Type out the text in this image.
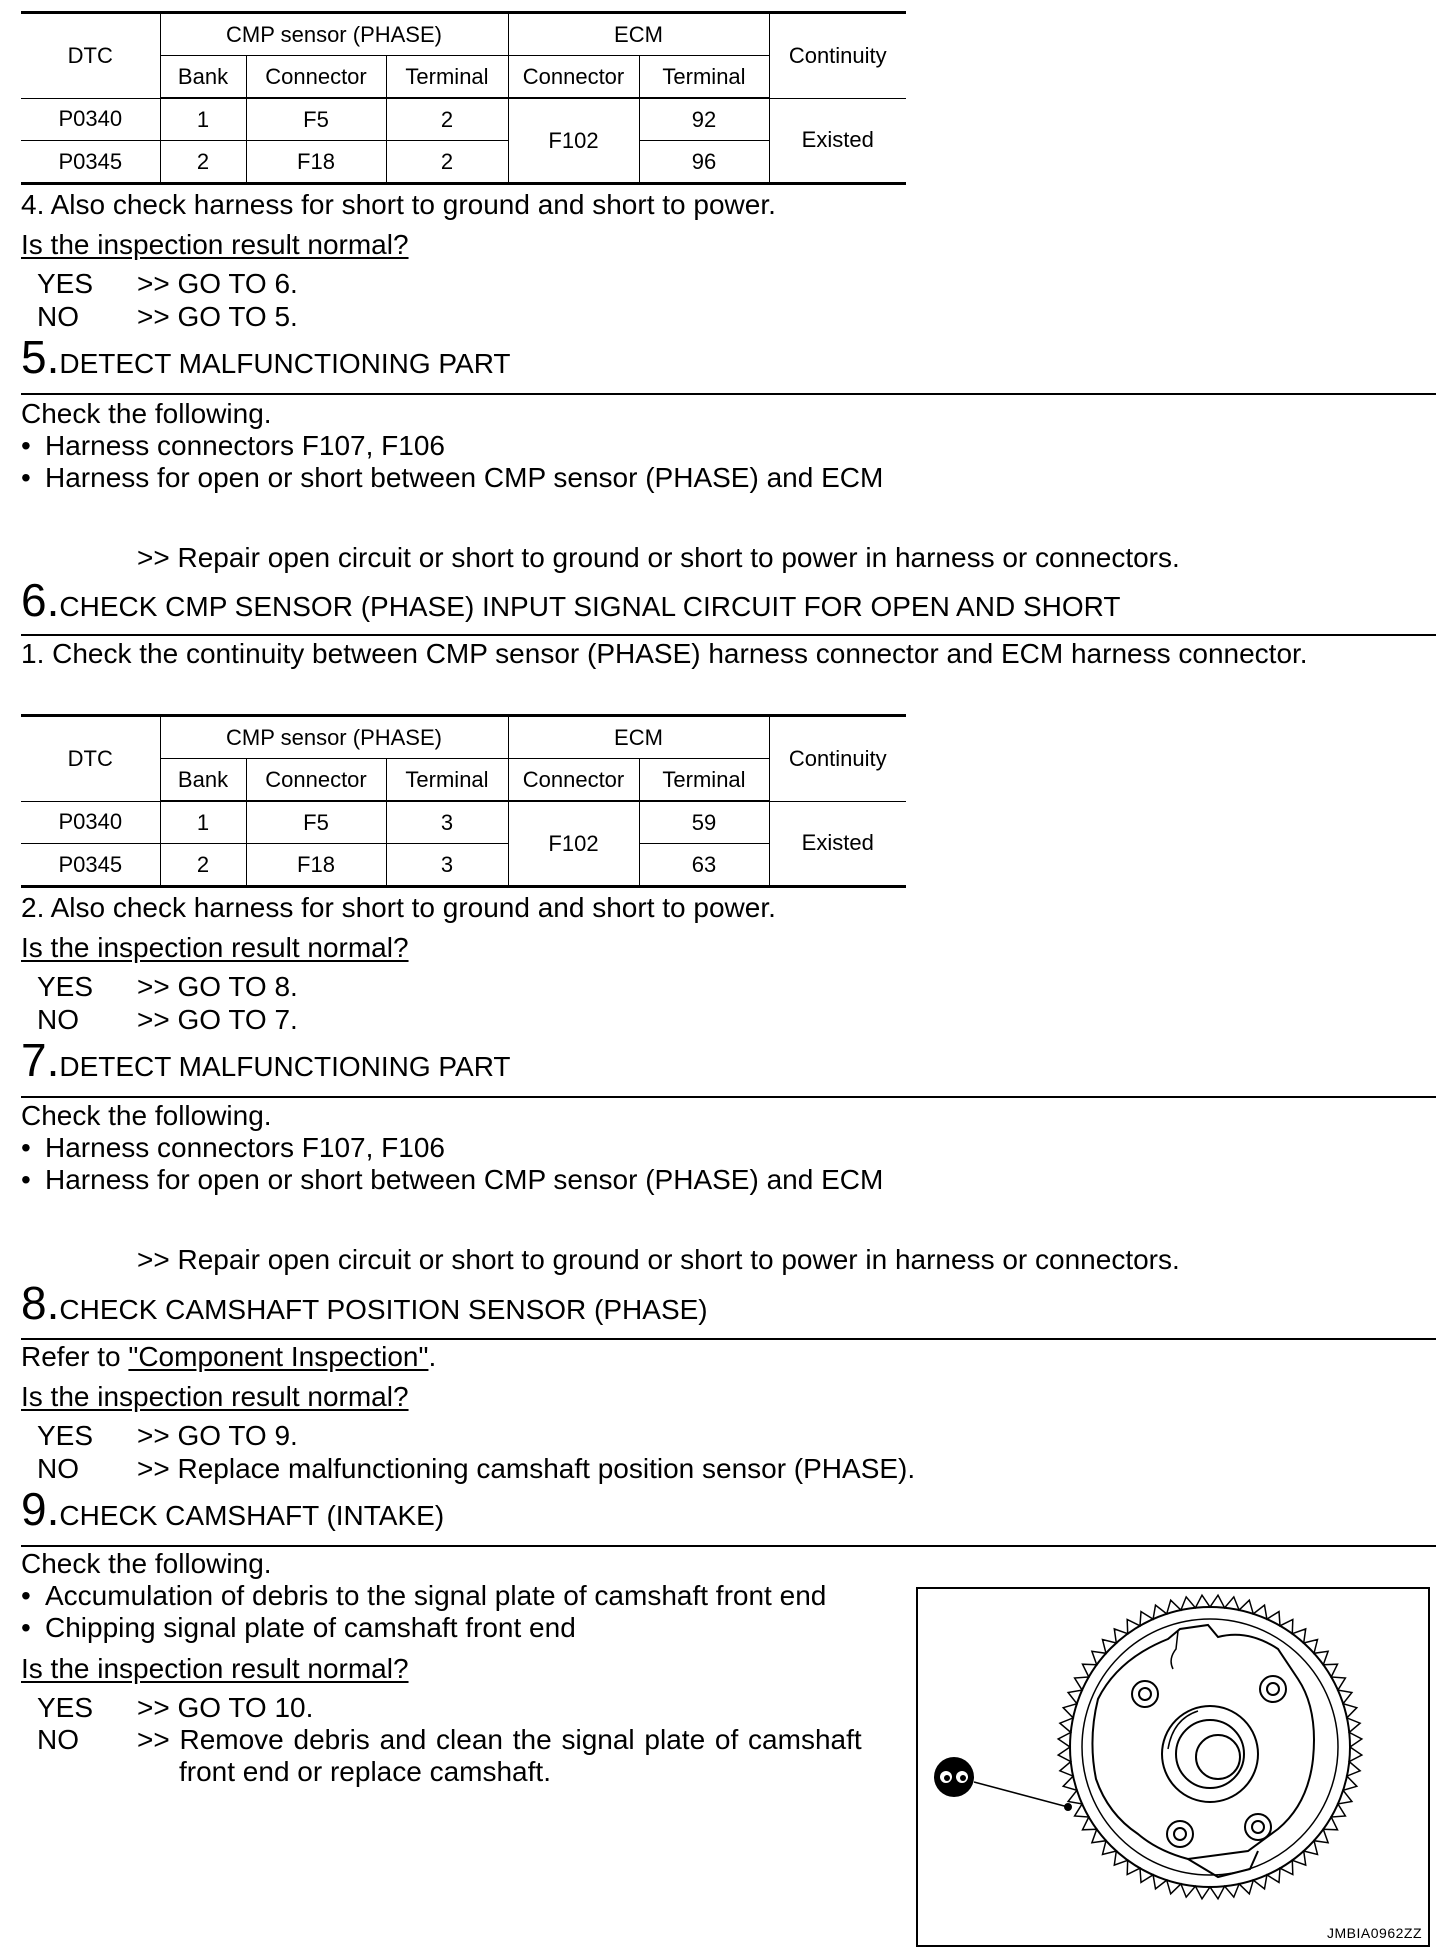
DTC	CMP sensor (PHASE)			ECM		Continuity
	Bank	Connector	Terminal	Connector	Terminal	
P0340	1	F5	2	F102	92	Existed
P0345	2	F18	2		96	
4. Also check harness for short to ground and short to power.
Is the inspection result normal?
YES >> GO TO 6.
NO >> GO TO 5.
5.DETECT MALFUNCTIONING PART
Check the following.
• Harness connectors F107, F106
• Harness for open or short between CMP sensor (PHASE) and ECM
>> Repair open circuit or short to ground or short to power in harness or connectors.
6.CHECK CMP SENSOR (PHASE) INPUT SIGNAL CIRCUIT FOR OPEN AND SHORT
1. Check the continuity between CMP sensor (PHASE) harness connector and ECM harness connector.
DTC	CMP sensor (PHASE)			ECM		Continuity
	Bank	Connector	Terminal	Connector	Terminal	
P0340	1	F5	3	F102	59	Existed
P0345	2	F18	3		63	
2. Also check harness for short to ground and short to power.
Is the inspection result normal?
YES >> GO TO 8.
NO >> GO TO 7.
7.DETECT MALFUNCTIONING PART
Check the following.
• Harness connectors F107, F106
• Harness for open or short between CMP sensor (PHASE) and ECM
>> Repair open circuit or short to ground or short to power in harness or connectors.
8.CHECK CAMSHAFT POSITION SENSOR (PHASE)
Refer to "Component Inspection".
Is the inspection result normal?
YES >> GO TO 9.
NO >> Replace malfunctioning camshaft position sensor (PHASE).
9.CHECK CAMSHAFT (INTAKE)
Check the following.
• Accumulation of debris to the signal plate of camshaft front end
• Chipping signal plate of camshaft front end
Is the inspection result normal?
YES >> GO TO 10.
NO >> Remove debris and clean the signal plate of camshaft
front end or replace camshaft.
JMBIA0962ZZ
